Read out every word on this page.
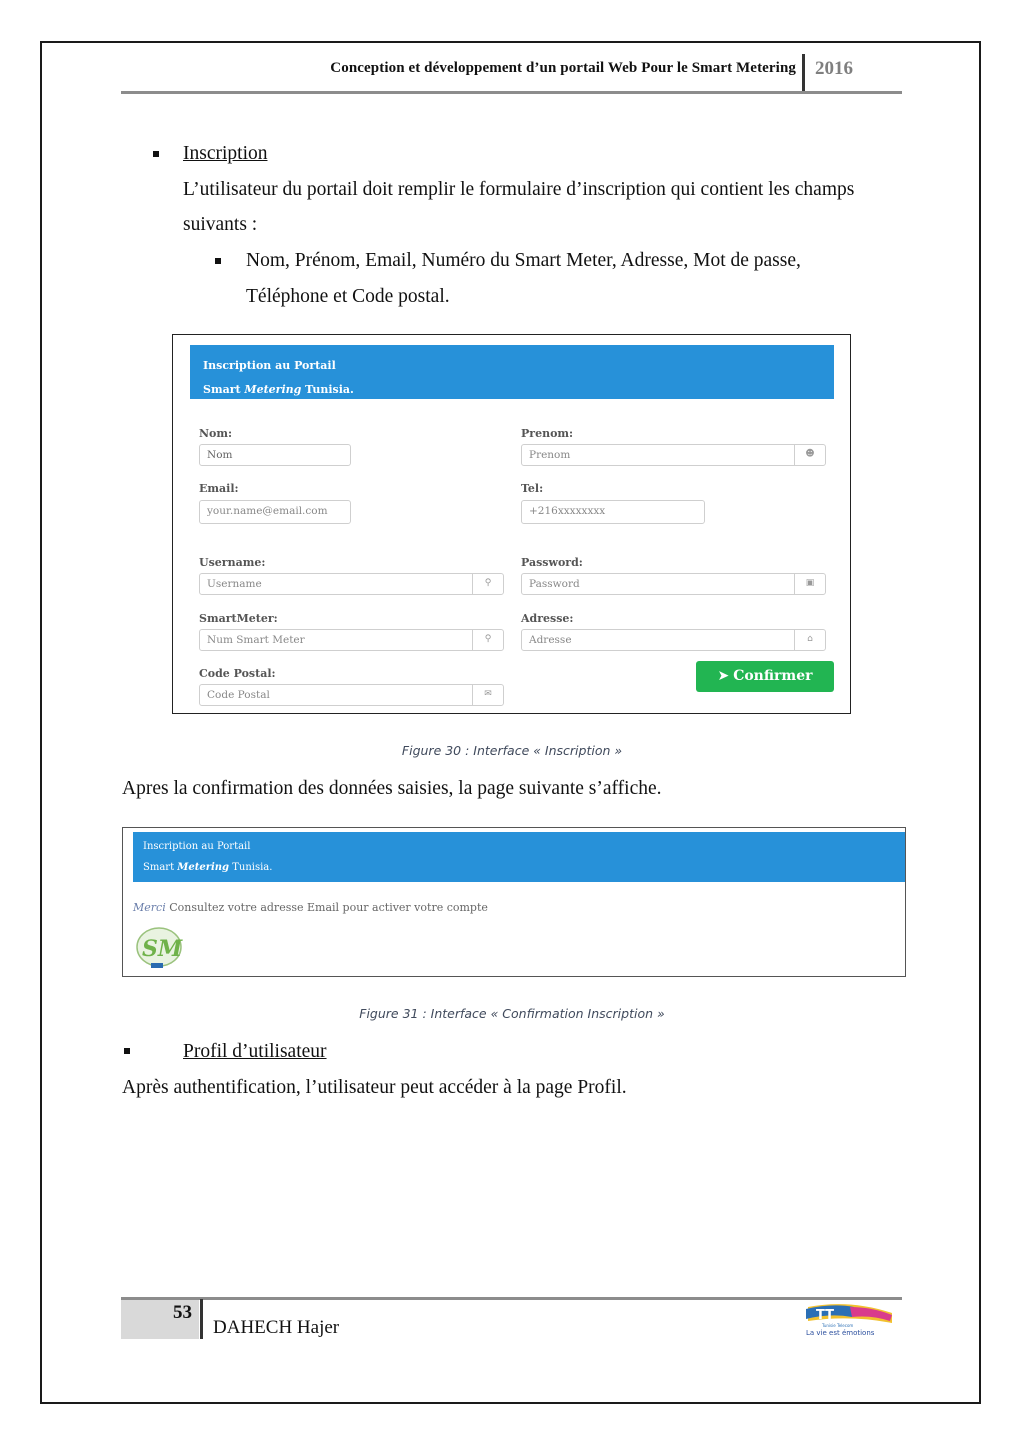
Conception et développement d’un portail Web Pour le Smart Metering 2016
Inscription
L’utilisateur du portail doit remplir le formulaire d’inscription qui contient les champs
suivants :
Nom, Prénom, Email, Numéro du Smart Meter, Adresse, Mot de passe,
Téléphone et Code postal.
Inscription au Portail
Smart Metering Tunisia.
Nom:
Nom
Prenom:
Prenom	☻
Email:
your.name@email.com
Tel:
+216xxxxxxxx
Username:
Username	⚲
Password:
Password	▣
SmartMeter:
Num Smart Meter	⚲
Adresse:
Adresse	⌂
Code Postal:
Code Postal	✉
➤ Confirmer
Figure 30 : Interface « Inscription »
Apres la confirmation des données saisies, la page suivante s’affiche.
Inscription au Portail
Smart Metering Tunisia.
Merci Consultez votre adresse Email pour activer votre compte
SM
Figure 31 : Interface « Confirmation Inscription »
Profil d’utilisateur
Après authentification, l’utilisateur peut accéder à la page Profil.
53
DAHECH Hajer
TT
Tunisie Telecom
La vie est émotions
